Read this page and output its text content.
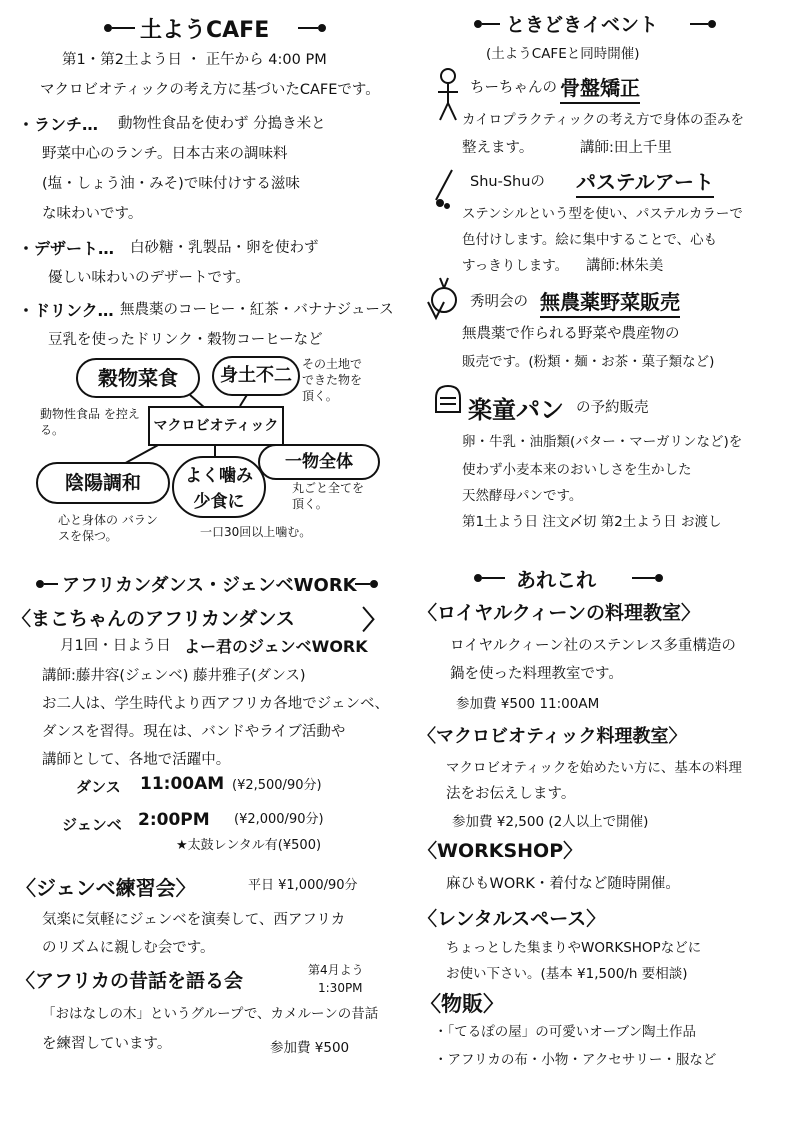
土ようCAFE
第1・第2土よう日 ・ 正午から 4:00 PM
マクロビオティックの考え方に基づいたCAFEです。
・ランチ… 動物性食品を使わず 分搗き米と
野菜中心のランチ。日本古来の調味料
(塩・しょう油・みそ)で味付けする滋味
な味わいです。
・デザート… 白砂糖・乳製品・卵を使わず
優しい味わいのデザートです。
・ドリンク… 無農薬のコーヒー・紅茶・バナナジュース
豆乳を使ったドリンク・穀物コーヒーなど
穀物菜食	身土不二
その土地で できた物を 頂く。
動物性食品 を控える。	マクロビオティック
一物全体
丸ごと全てを 頂く。
陰陽調和
心と身体の バランスを保つ。
よく噛み 少食に
一口30回以上噛む。
ときどきイベント
(土ようCAFEと同時開催)
ちーちゃんの 骨盤矯正
カイロプラクティックの考え方で身体の歪みを
整えます。	講師:田上千里
Shu-Shuの パステルアート
ステンシルという型を使い、パステルカラーで
色付けします。絵に集中することで、心も
すっきりします。 講師:林朱美
秀明会の 無農薬野菜販売
無農薬で作られる野菜や農産物の
販売です。(粉類・麺・お茶・菓子類など)
楽童パン の予約販売
卵・牛乳・油脂類(バター・マーガリンなど)を
使わず小麦本来のおいしさを生かした
天然酵母パンです。
第1土よう日 注文〆切 第2土よう日 お渡し
アフリカンダンス・ジェンベWORK
〈まこちゃんのアフリカンダンス	〉
月1回・日よう日 よー君のジェンベWORK
講師:藤井容(ジェンベ) 藤井雅子(ダンス)
お二人は、学生時代より西アフリカ各地でジェンベ、
ダンスを習得。現在は、バンドやライブ活動や
講師として、各地で活躍中。
ダンス 11:00AM (¥2,500/90分)
ジェンベ 2:00PM (¥2,000/90分)
★太鼓レンタル有(¥500)
〈ジェンベ練習会〉	平日 ¥1,000/90分
気楽に気軽にジェンベを演奏して、西アフリカ
のリズムに親しむ会です。
〈アフリカの昔話を語る会	第4月よう
1:30PM
「おはなしの木」というグループで、カメルーンの昔話
を練習しています。	参加費 ¥500
あれこれ
〈ロイヤルクィーンの料理教室〉
ロイヤルクィーン社のステンレス多重構造の
鍋を使った料理教室です。
参加費 ¥500 11:00AM
〈マクロビオティック料理教室〉
マクロビオティックを始めたい方に、基本の料理
法をお伝えします。
参加費 ¥2,500 (2人以上で開催)
〈WORKSHOP〉
麻ひもWORK・着付など随時開催。
〈レンタルスペース〉
ちょっとした集まりやWORKSHOPなどに
お使い下さい。(基本 ¥1,500/h 要相談)
〈物販〉
・「てるぽの屋」の可愛いオーブン陶土作品
・アフリカの布・小物・アクセサリー・服など
